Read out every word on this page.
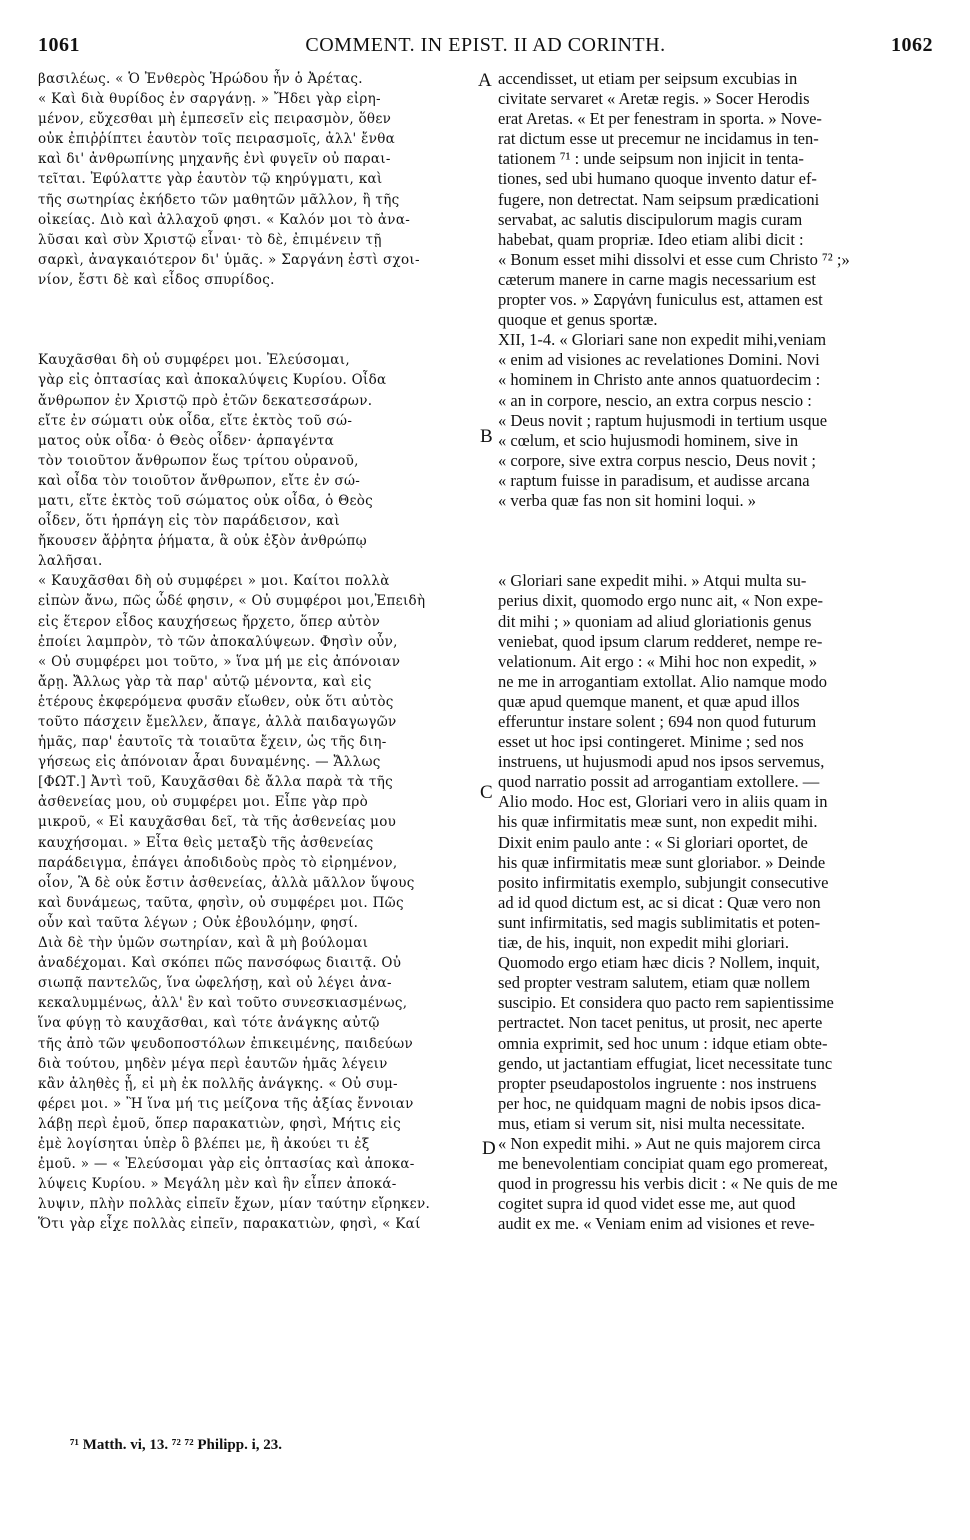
1061	COMMENT. IN EPIST. II AD CORINTH.	1062
βασιλέως. « Ὁ Ἐνθερὸς Ἡρώδου ἦν ὁ Ἀρέτας.
« Καὶ διὰ θυρίδος ἐν σαργάνῃ. » Ἤδει γὰρ εἰρη-
μένον, εὔχεσθαι μὴ ἐμπεσεῖν εἰς πειρασμὸν, ὅθεν
οὐκ ἐπιῤῥίπτει ἑαυτὸν τοῖς πειρασμοῖς, ἀλλ' ἔνθα
καὶ δι' ἀνθρωπίνης μηχανῆς ἐνὶ φυγεῖν οὐ παραι-
τεῖται. Ἐφύλαττε γὰρ ἑαυτὸν τῷ κηρύγματι, καὶ
τῆς σωτηρίας ἐκήδετο τῶν μαθητῶν μᾶλλον, ἢ τῆς
οἰκείας. Διὸ καὶ ἀλλαχοῦ φησι. « Καλόν μοι τὸ ἀνα-
λῦσαι καὶ σὺν Χριστῷ εἶναι· τὸ δὲ, ἐπιμένειν τῇ
σαρκὶ, ἀναγκαιότερον δι' ὑμᾶς. » Σαργάνη ἐστὶ σχοι-
νίον, ἔστι δὲ καὶ εἶδος σπυρίδος.

Καυχᾶσθαι δὴ οὐ συμφέρει μοι. Ἐλεύσομαι,
γὰρ εἰς ὀπτασίας καὶ ἀποκαλύψεις Κυρίου. Οἶδα
ἄνθρωπον ἐν Χριστῷ πρὸ ἐτῶν δεκατεσσάρων.
εἴτε ἐν σώματι οὐκ οἶδα, εἴτε ἐκτὸς τοῦ σώ-
ματος οὐκ οἶδα· ὁ Θεὸς οἶδεν· ἁρπαγέντα
τὸν τοιοῦτον ἄνθρωπον ἕως τρίτου οὐρανοῦ,
καὶ οἶδα τὸν τοιοῦτον ἄνθρωπον, εἴτε ἐν σώ-
ματι, εἴτε ἐκτὸς τοῦ σώματος οὐκ οἶδα, ὁ Θεὸς
οἶδεν, ὅτι ἡρπάγη εἰς τὸν παράδεισον, καὶ
ἤκουσεν ἄῤῥητα ῥήματα, ἃ οὐκ ἐξὸν ἀνθρώπῳ
λαλῆσαι.
« Καυχᾶσθαι δὴ οὐ συμφέρει » μοι. Καίτοι πολλὰ
εἰπὼν ἄνω, πῶς ὧδέ φησιν, « Οὐ συμφέροι μοι,Ἐπειδὴ
εἰς ἕτερον εἶδος καυχήσεως ἤρχετο, ὅπερ αὐτὸν
ἐποίει λαμπρὸν, τὸ τῶν ἀποκαλύψεων. Φησὶν οὖν,
« Οὐ συμφέρει μοι τοῦτο, » ἵνα μή με εἰς ἀπόνοιαν
ἄρῃ. Ἄλλως γὰρ τὰ παρ' αὐτῷ μένοντα, καὶ εἰς
ἑτέρους ἐκφερόμενα φυσᾶν εἴωθεν, οὐκ ὅτι αὐτὸς
τοῦτο πάσχειν ἔμελλεν, ἄπαγε, ἀλλὰ παιδαγωγῶν
ἡμᾶς, παρ' ἑαυτοῖς τὰ τοιαῦτα ἔχειν, ὡς τῆς διη-
γήσεως εἰς ἀπόνοιαν ἆραι δυναμένης. — Ἄλλως
[ΦΩΤ.] Ἀντὶ τοῦ, Καυχᾶσθαι δὲ ἄλλα παρὰ τὰ τῆς
ἀσθενείας μου, οὐ συμφέρει μοι. Εἶπε γὰρ πρὸ
μικροῦ, « Εἰ καυχᾶσθαι δεῖ, τὰ τῆς ἀσθενείας μου
καυχήσομαι. » Εἶτα θεὶς μεταξὺ τῆς ἀσθενείας
παράδειγμα, ἐπάγει ἀποδιδοὺς πρὸς τὸ εἰρημένον,
οἷον, Ἃ δὲ οὐκ ἔστιν ἀσθενείας, ἀλλὰ μᾶλλον ὕψους
καὶ δυνάμεως, ταῦτα, φησὶν, οὐ συμφέρει μοι. Πῶς
οὖν καὶ ταῦτα λέγων ; Οὐκ ἐβουλόμην, φησί.
Διὰ δὲ τὴν ὑμῶν σωτηρίαν, καὶ ἃ μὴ βούλομαι
ἀναδέχομαι. Καὶ σκόπει πῶς πανσόφως διαιτᾷ. Οὐ
σιωπᾷ παντελῶς, ἵνα ὠφελήσῃ, καὶ οὐ λέγει ἀνα-
κεκαλυμμένως, ἀλλ' ἓν καὶ τοῦτο συνεσκιασμένως,
ἵνα φύγῃ τὸ καυχᾶσθαι, καὶ τότε ἀνάγκης αὐτῷ
τῆς ἀπὸ τῶν ψευδοποστόλων ἐπικειμένης, παιδεύων
διὰ τούτου, μηδὲν μέγα περὶ ἑαυτῶν ἡμᾶς λέγειν
κἂν ἀληθὲς ᾖ, εἰ μὴ ἐκ πολλῆς ἀνάγκης. « Οὐ συμ-
φέρει μοι. » Ἢ ἵνα μή τις μείζονα τῆς ἀξίας ἔννοιαν
λάβῃ περὶ ἐμοῦ, ὅπερ παρακατιὼν, φησὶ, Μήτις εἰς
ἐμὲ λογίσηται ὑπὲρ ὃ βλέπει με, ἢ ἀκούει τι ἐξ
ἐμοῦ. » — « Ἐλεύσομαι γὰρ εἰς ὀπτασίας καὶ ἀποκα-
λύψεις Κυρίου. » Μεγάλη μὲν καὶ ἣν εἶπεν ἀποκά-
λυψιν, πλὴν πολλὰς εἰπεῖν ἔχων, μίαν ταύτην εἴρηκεν.
Ὅτι γὰρ εἶχε πολλὰς εἰπεῖν, παρακατιὼν, φησὶ, « Καί
accendisset, ut etiam per seipsum excubias in
civitate servaret « Aretæ regis. » Socer Herodis
erat Aretas. « Et per fenestram in sporta. » Nove-
rat dictum esse ut precemur ne incidamus in ten-
tationem ⁷¹ : unde seipsum non injicit in tenta-
tiones, sed ubi humano quoque invento datur ef-
fugere, non detrectat. Nam seipsum prædicationi
servabat, ac salutis discipulorum magis curam
habebat, quam propriæ. Ideo etiam alibi dicit :
« Bonum esset mihi dissolvi et esse cum Christo ⁷² ;»
cæterum manere in carne magis necessarium est
propter vos. » Σαργάνη funiculus est, attamen est
quoque et genus sportæ.
XII, 1-4. « Gloriari sane non expedit mihi,veniam
« enim ad visiones ac revelationes Domini. Novi
« hominem in Christo ante annos quatuordecim :
« an in corpore, nescio, an extra corpus nescio :
« Deus novit ; raptum hujusmodi in tertium usque
« cœlum, et scio hujusmodi hominem, sive in
« corpore, sive extra corpus nescio, Deus novit ;
« raptum fuisse in paradisum, et audisse arcana
« verba quæ fas non sit homini loqui. »

« Gloriari sane expedit mihi. » Atqui multa su-
perius dixit, quomodo ergo nunc ait, « Non expe-
dit mihi ; » quoniam ad aliud gloriationis genus
veniebat, quod ipsum clarum redderet, nempe re-
velationum. Ait ergo : « Mihi hoc non expedit, »
ne me in arrogantiam extollat. Alio namque modo
quæ apud quemque manent, et quæ apud illos
efferuntur instare solent ; 694 non quod futurum
esset ut hoc ipsi contingeret. Minime ; sed nos
instruens, ut hujusmodi apud nos ipsos servemus,
quod narratio possit ad arrogantiam extollere. —
Alio modo. Hoc est, Gloriari vero in aliis quam in
his quæ infirmitatis meæ sunt, non expedit mihi.
Dixit enim paulo ante : « Si gloriari oportet, de
his quæ infirmitatis meæ sunt gloriabor. » Deinde
posito infirmitatis exemplo, subjungit consecutive
ad id quod dictum est, ac si dicat : Quæ vero non
sunt infirmitatis, sed magis sublimitatis et poten-
tiæ, de his, inquit, non expedit mihi gloriari.
Quomodo ergo etiam hæc dicis ? Nollem, inquit,
sed propter vestram salutem, etiam quæ nollem
suscipio. Et considera quo pacto rem sapientissime
pertractet. Non tacet penitus, ut prosit, nec aperte
omnia exprimit, sed hoc unum : idque etiam obte-
gendo, ut jactantiam effugiat, licet necessitate tunc
propter pseudapostolos ingruente : nos instruens
per hoc, ne quidquam magni de nobis ipsos dica-
mus, etiam si verum sit, nisi multa necessitate.
« Non expedit mihi. » Aut ne quis majorem circa
me benevolentiam concipiat quam ego promereat,
quod in progressu his verbis dicit : « Ne quis de me
cogitet supra id quod videt esse me, aut quod
audit ex me. « Veniam enim ad visiones et reve-
A
B
C
D
⁷¹ Matth. vi, 13. ⁷² ⁷² Philipp. i, 23.
